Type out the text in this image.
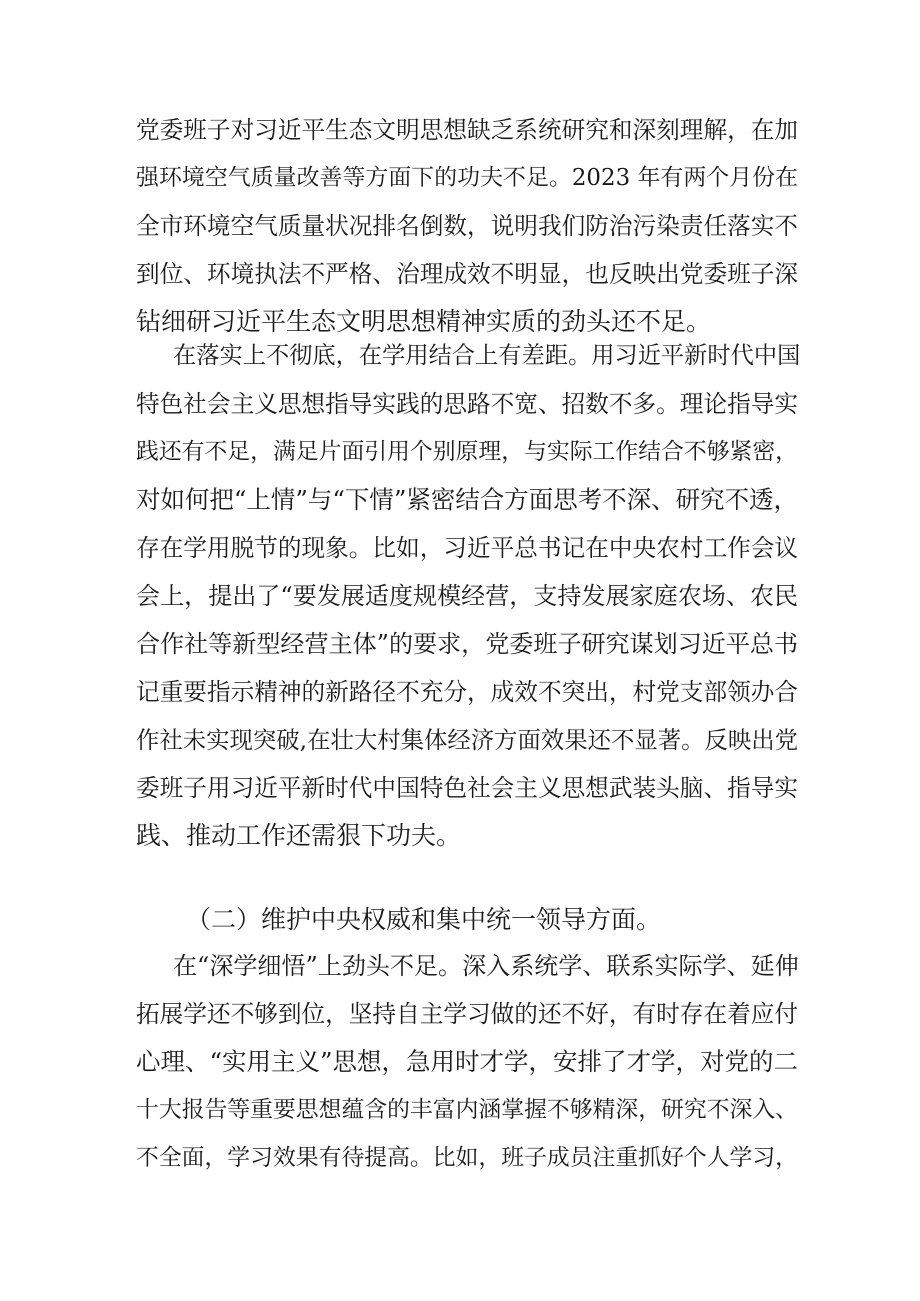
党委班子对习近平生态文明思想缺乏系统研究和深刻理解，在加
强环境空气质量改善等方面下的功夫不足。2023 年有两个月份在
全市环境空气质量状况排名倒数，说明我们防治污染责任落实不
到位、环境执法不严格、治理成效不明显，也反映出党委班子深
钻细研习近平生态文明思想精神实质的劲头还不足。
在落实上不彻底，在学用结合上有差距。用习近平新时代中国
特色社会主义思想指导实践的思路不宽、招数不多。理论指导实
践还有不足，满足片面引用个别原理，与实际工作结合不够紧密，
对如何把“上情”与“下情”紧密结合方面思考不深、研究不透，
存在学用脱节的现象。比如，习近平总书记在中央农村工作会议
会上，提出了“要发展适度规模经营，支持发展家庭农场、农民
合作社等新型经营主体”的要求，党委班子研究谋划习近平总书
记重要指示精神的新路径不充分，成效不突出，村党支部领办合
作社未实现突破,在壮大村集体经济方面效果还不显著。反映出党
委班子用习近平新时代中国特色社会主义思想武装头脑、指导实
践、推动工作还需狠下功夫。
（二）维护中央权威和集中统一领导方面。
在“深学细悟”上劲头不足。深入系统学、联系实际学、延伸
拓展学还不够到位，坚持自主学习做的还不好，有时存在着应付
心理、“实用主义”思想，急用时才学，安排了才学，对党的二
十大报告等重要思想蕴含的丰富内涵掌握不够精深，研究不深入、
不全面，学习效果有待提高。比如，班子成员注重抓好个人学习，
